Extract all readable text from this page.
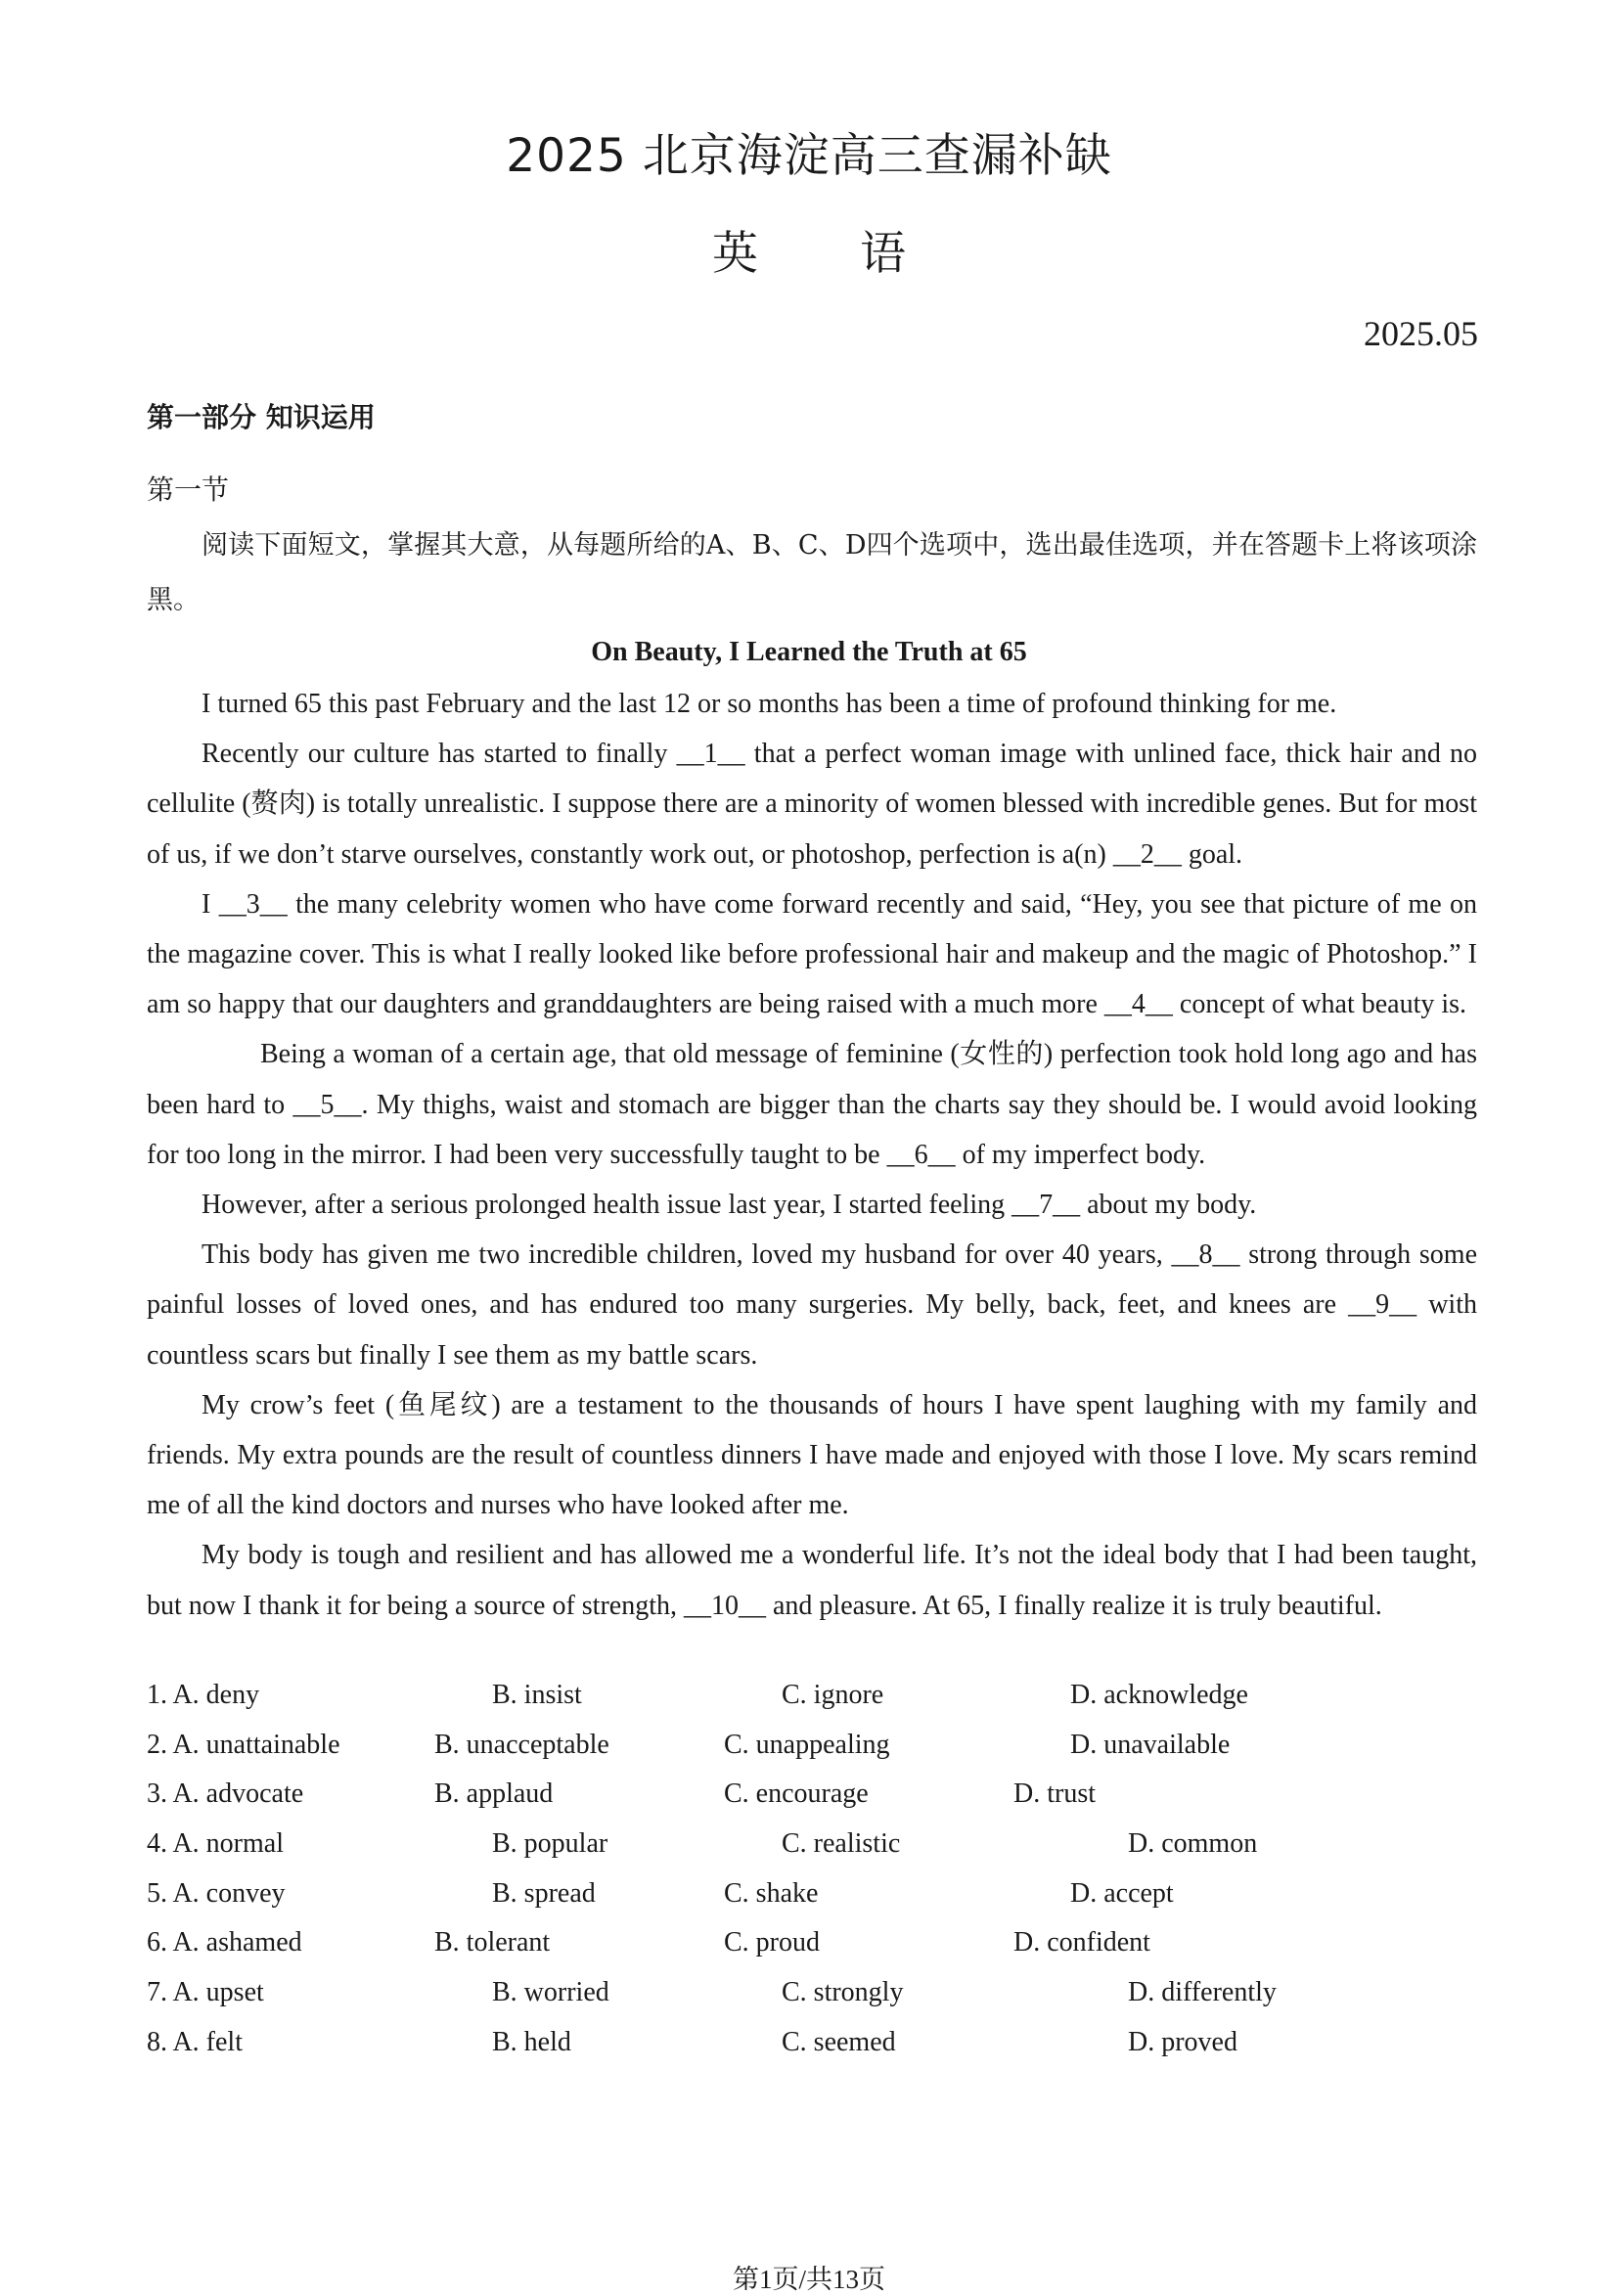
2025 北京海淀高三查漏补缺
英 语
2025.05
第一部分 知识运用
第一节
阅读下面短文，掌握其大意，从每题所给的A、B、C、D四个选项中，选出最佳选项，并在答题卡上将该项涂黑。
On Beauty, I Learned the Truth at 65

I turned 65 this past February and the last 12 or so months has been a time of profound thinking for me.

Recently our culture has started to finally __1__ that a perfect woman image with unlined face, thick hair and no cellulite (赘肉) is totally unrealistic. I suppose there are a minority of women blessed with incredible genes. But for most of us, if we don’t starve ourselves, constantly work out, or photoshop, perfection is a(n) __2__ goal.

I __3__ the many celebrity women who have come forward recently and said, “Hey, you see that picture of me on the magazine cover. This is what I really looked like before professional hair and makeup and the magic of Photoshop.” I am so happy that our daughters and granddaughters are being raised with a much more __4__ concept of what beauty is.

Being a woman of a certain age, that old message of feminine (女性的) perfection took hold long ago and has been hard to __5__. My thighs, waist and stomach are bigger than the charts say they should be. I would avoid looking for too long in the mirror. I had been very successfully taught to be __6__ of my imperfect body.

However, after a serious prolonged health issue last year, I started feeling __7__ about my body.

This body has given me two incredible children, loved my husband for over 40 years, __8__ strong through some painful losses of loved ones, and has endured too many surgeries. My belly, back, feet, and knees are __9__ with countless scars but finally I see them as my battle scars.

My crow’s feet (鱼尾纹) are a testament to the thousands of hours I have spent laughing with my family and friends. My extra pounds are the result of countless dinners I have made and enjoyed with those I love. My scars remind me of all the kind doctors and nurses who have looked after me.

My body is tough and resilient and has allowed me a wonderful life. It’s not the ideal body that I had been taught, but now I thank it for being a source of strength, __10__ and pleasure. At 65, I finally realize it is truly beautiful.

1. A. deny	B. insist	C. ignore	D. acknowledge
2. A. unattainable	B. unacceptable	C. unappealing	D. unavailable
3. A. advocate	B. applaud	C. encourage	D. trust
4. A. normal	B. popular	C. realistic	D. common
5. A. convey	B. spread	C. shake	D. accept
6. A. ashamed	B. tolerant	C. proud	D. confident
7. A. upset	B. worried	C. strongly	D. differently
8. A. felt	B. held	C. seemed	D. proved
第1页/共13页
